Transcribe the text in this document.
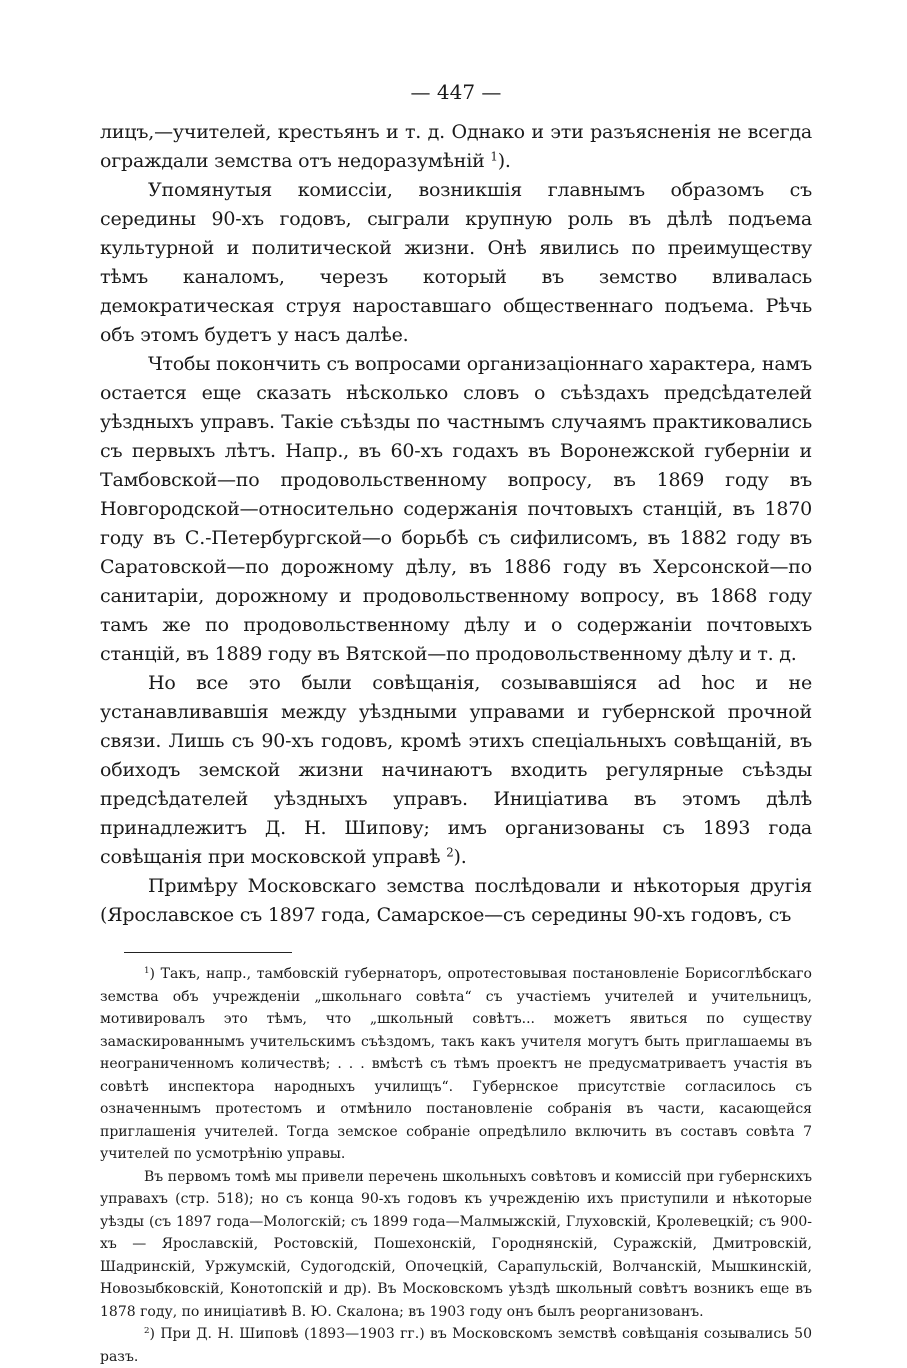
— 447 —

лицъ,—учителей, крестьянъ и т. д. Однако и эти разъясненія не всегда ограждали земства отъ недоразумѣній $^1$).

Упомянутыя комиссіи, возникшія главнымъ образомъ съ середины 90-хъ годовъ, сыграли крупную роль въ дѣлѣ подъема культурной и политической жизни. Онѣ явились по преимуществу тѣмъ каналомъ, черезъ который въ земство вливалась демократическая струя нароставшаго общественнаго подъема. Рѣчь объ этомъ будетъ у насъ далѣе.

Чтобы покончить съ вопросами организаціоннаго характера, намъ остается еще сказать нѣсколько словъ о съѣздахъ предсѣдателей уѣздныхъ управъ. Такіе съѣзды по частнымъ случаямъ практиковались съ первыхъ лѣтъ. Напр., въ 60-хъ годахъ въ Воронежской губерніи и Тамбовской—по продовольственному вопросу, въ 1869 году въ Новгородской—относительно содержанія почтовыхъ станцій, въ 1870 году въ С.-Петербургской—о борьбѣ съ сифилисомъ, въ 1882 году въ Саратовской—по дорожному дѣлу, въ 1886 году въ Херсонской—по санитаріи, дорожному и продовольственному вопросу, въ 1868 году тамъ же по продовольственному дѣлу и о содержаніи почтовыхъ станцій, въ 1889 году въ Вятской—по продовольственному дѣлу и т. д.

Но все это были совѣщанія, созывавшіяся ad hoc и не устанавливавшія между уѣздными управами и губернской прочной связи. Лишь съ 90-хъ годовъ, кромѣ этихъ спеціальныхъ совѣщаній, въ обиходъ земской жизни начинаютъ входить регулярные съѣзды предсѣдателей уѣздныхъ управъ. Иниціатива въ этомъ дѣлѣ принадлежитъ Д. Н. Шипову; имъ организованы съ 1893 года совѣщанія при московской управѣ $^2$).

Примѣру Московскаго земства послѣдовали и нѣкоторыя другія (Ярославское съ 1897 года, Самарское—съ середины 90-хъ годовъ, съ

$^1$) Такъ, напр., тамбовскій губернаторъ, опротестовывая постановленіе Борисоглѣбскаго земства объ учрежденіи „школьнаго совѣта“ съ участіемъ учителей и учительницъ, мотивировалъ это тѣмъ, что „школьный совѣтъ... можетъ явиться по существу замаскированнымъ учительскимъ съѣздомъ, такъ какъ учителя могутъ быть приглашаемы въ неограниченномъ количествѣ; . . . вмѣстѣ съ тѣмъ проектъ не предусматриваетъ участія въ совѣтѣ инспектора народныхъ училищъ“. Губернское присутствіе согласилось съ означеннымъ протестомъ и отмѣнило постановленіе собранія въ части, касающейся приглашенія учителей. Тогда земское собраніе опредѣлило включить въ составъ совѣта 7 учителей по усмотрѣнію управы.

Въ первомъ томѣ мы привели перечень школьныхъ совѣтовъ и комиссій при губернскихъ управахъ (стр. 518); но съ конца 90-хъ годовъ къ учрежденію ихъ приступили и нѣкоторые уѣзды (съ 1897 года—Мологскій; съ 1899 года—Малмыжскій, Глуховскій, Кролевецкій; съ 900-хъ — Ярославскій, Ростовскій, Пошехонскій, Городнянскій, Суражскій, Дмитровскій, Шадринскій, Уржумскій, Судогодскій, Опочецкій, Сарапульскій, Волчанскій, Мышкинскій, Новозыбковскій, Конотопскій и др). Въ Московскомъ уѣздѣ школьный совѣтъ возникъ еще въ 1878 году, по иниціативѣ В. Ю. Скалона; въ 1903 году онъ былъ реорганизованъ.

$^2$) При Д. Н. Шиповѣ (1893—1903 гг.) въ Московскомъ земствѣ совѣщанія созывались 50 разъ.
